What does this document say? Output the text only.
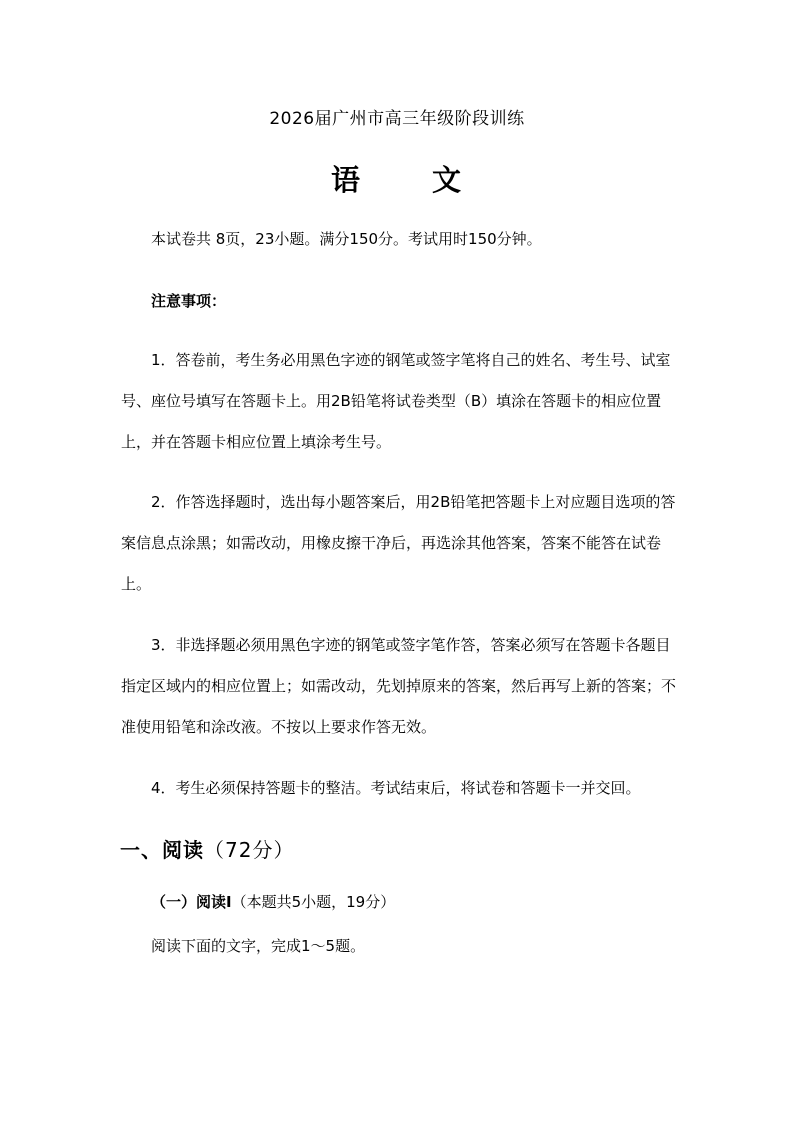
2026届广州市高三年级阶段训练
语 文
本试卷共 8页，23小题。满分150分。考试用时150分钟。
注意事项：
1．答卷前，考生务必用黑色字迹的钢笔或签字笔将自己的姓名、考生号、试室号、座位号填写在答题卡上。用2B铅笔将试卷类型（B）填涂在答题卡的相应位置上，并在答题卡相应位置上填涂考生号。
2．作答选择题时，选出每小题答案后，用2B铅笔把答题卡上对应题目选项的答案信息点涂黑；如需改动，用橡皮擦干净后，再选涂其他答案，答案不能答在试卷上。
3．非选择题必须用黑色字迹的钢笔或签字笔作答，答案必须写在答题卡各题目指定区域内的相应位置上；如需改动，先划掉原来的答案，然后再写上新的答案；不准使用铅笔和涂改液。不按以上要求作答无效。
4．考生必须保持答题卡的整洁。考试结束后，将试卷和答题卡一并交回。
一、阅读（72分）
（一）阅读Ⅰ（本题共5小题，19分）
阅读下面的文字，完成1～5题。
